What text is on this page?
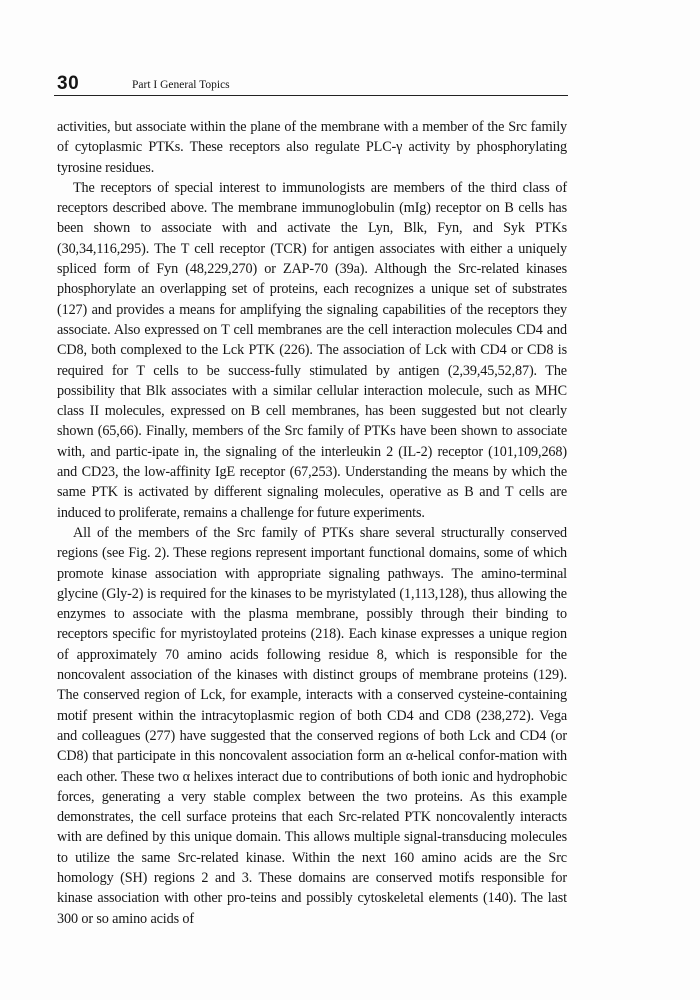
30	Part I General Topics

activities, but associate within the plane of the membrane with a member of the Src family of cytoplasmic PTKs. These receptors also regulate PLC-γ activity by phosphorylating tyrosine residues.

The receptors of special interest to immunologists are members of the third class of receptors described above. The membrane immunoglobulin (mIg) receptor on B cells has been shown to associate with and activate the Lyn, Blk, Fyn, and Syk PTKs (30,34,116,295). The T cell receptor (TCR) for antigen associates with either a uniquely spliced form of Fyn (48,229,270) or ZAP-70 (39a). Although the Src-related kinases phosphorylate an overlapping set of proteins, each recognizes a unique set of substrates (127) and provides a means for amplifying the signaling capabilities of the receptors they associate. Also expressed on T cell membranes are the cell interaction molecules CD4 and CD8, both complexed to the Lck PTK (226). The association of Lck with CD4 or CD8 is required for T cells to be success-fully stimulated by antigen (2,39,45,52,87). The possibility that Blk associates with a similar cellular interaction molecule, such as MHC class II molecules, expressed on B cell membranes, has been suggested but not clearly shown (65,66). Finally, members of the Src family of PTKs have been shown to associate with, and partic-ipate in, the signaling of the interleukin 2 (IL-2) receptor (101,109,268) and CD23, the low-affinity IgE receptor (67,253). Understanding the means by which the same PTK is activated by different signaling molecules, operative as B and T cells are induced to proliferate, remains a challenge for future experiments.

All of the members of the Src family of PTKs share several structurally conserved regions (see Fig. 2). These regions represent important functional domains, some of which promote kinase association with appropriate signaling pathways. The amino-terminal glycine (Gly-2) is required for the kinases to be myristylated (1,113,128), thus allowing the enzymes to associate with the plasma membrane, possibly through their binding to receptors specific for myristoylated proteins (218). Each kinase expresses a unique region of approximately 70 amino acids following residue 8, which is responsible for the noncovalent association of the kinases with distinct groups of membrane proteins (129). The conserved region of Lck, for example, interacts with a conserved cysteine-containing motif present within the intracytoplasmic region of both CD4 and CD8 (238,272). Vega and colleagues (277) have suggested that the conserved regions of both Lck and CD4 (or CD8) that participate in this noncovalent association form an α-helical confor-mation with each other. These two α helixes interact due to contributions of both ionic and hydrophobic forces, generating a very stable complex between the two proteins. As this example demonstrates, the cell surface proteins that each Src-related PTK noncovalently interacts with are defined by this unique domain. This allows multiple signal-transducing molecules to utilize the same Src-related kinase. Within the next 160 amino acids are the Src homology (SH) regions 2 and 3. These domains are conserved motifs responsible for kinase association with other pro-teins and possibly cytoskeletal elements (140). The last 300 or so amino acids of
